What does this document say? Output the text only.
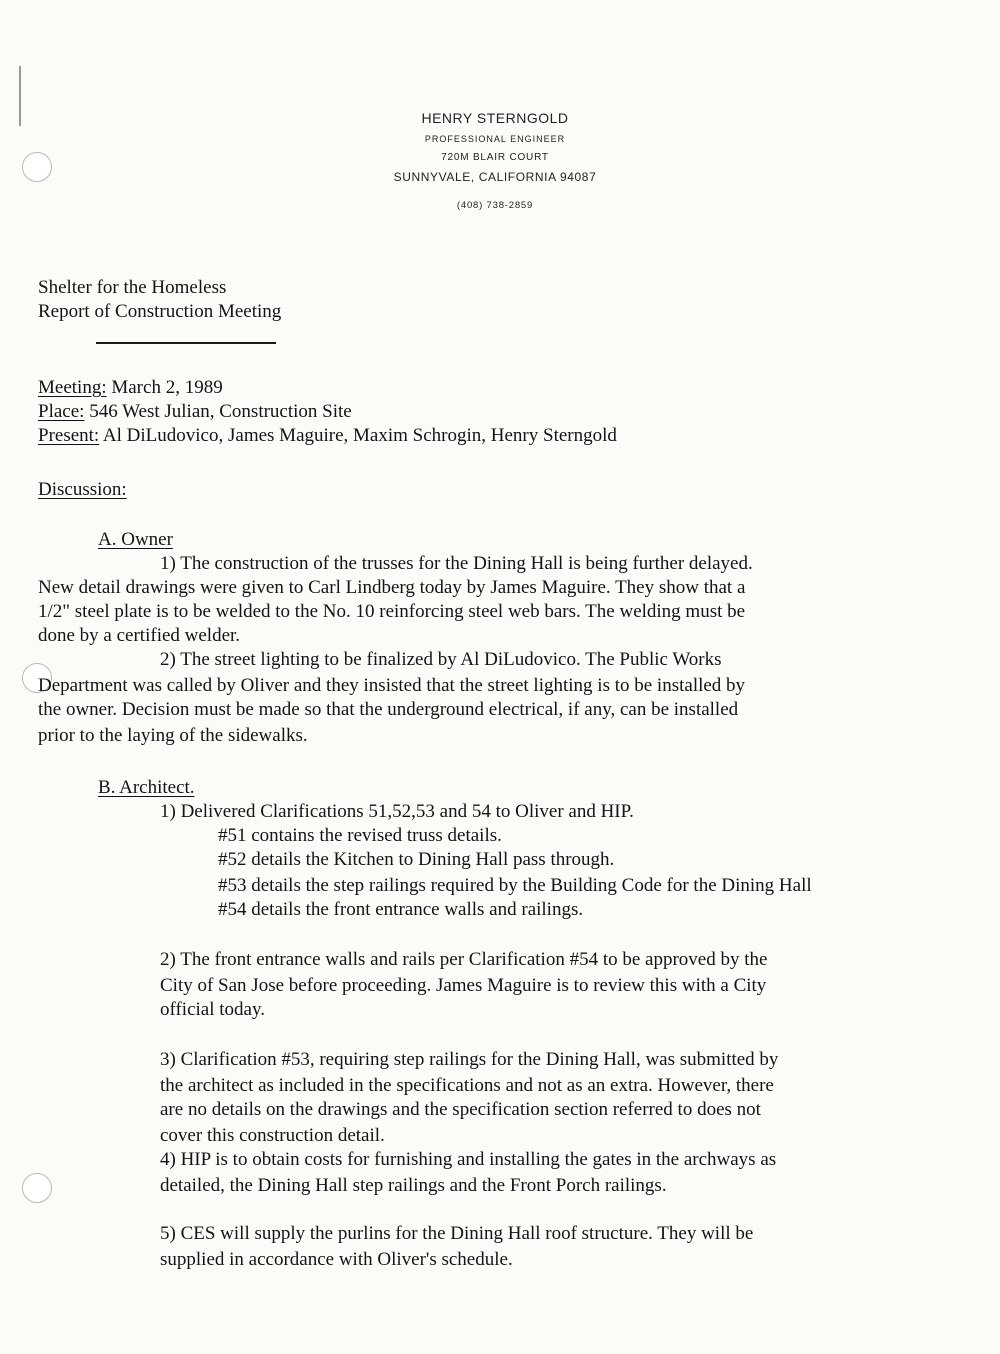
HENRY STERNGOLD
PROFESSIONAL ENGINEER
720M BLAIR COURT
SUNNYVALE, CALIFORNIA 94087
(408) 738-2859
Shelter for the Homeless
Report of Construction Meeting
Meeting: March 2, 1989
Place: 546 West Julian, Construction Site
Present: Al DiLudovico, James Maguire, Maxim Schrogin, Henry Sterngold
Discussion:
A. Owner
1) The construction of the trusses for the Dining Hall is being further delayed.
New detail drawings were given to Carl Lindberg today by James Maguire. They show that a
1/2" steel plate is to be welded to the No. 10 reinforcing steel web bars. The welding must be
done by a certified welder.
2) The street lighting to be finalized by Al DiLudovico. The Public Works
Department was called by Oliver and they insisted that the street lighting is to be installed by
the owner. Decision must be made so that the underground electrical, if any, can be installed
prior to the laying of the sidewalks.
B. Architect.
1) Delivered Clarifications 51,52,53 and 54 to Oliver and HIP.
#51 contains the revised truss details.
#52 details the Kitchen to Dining Hall pass through.
#53 details the step railings required by the Building Code for the Dining Hall
#54 details the front entrance walls and railings.
2) The front entrance walls and rails per Clarification #54 to be approved by the
City of San Jose before proceeding. James Maguire is to review this with a City
official today.
3) Clarification #53, requiring step railings for the Dining Hall, was submitted by
the architect as included in the specifications and not as an extra. However, there
are no details on the drawings and the specification section referred to does not
cover this construction detail.
4) HIP is to obtain costs for furnishing and installing the gates in the archways as
detailed, the Dining Hall step railings and the Front Porch railings.
5) CES will supply the purlins for the Dining Hall roof structure. They will be
supplied in accordance with Oliver's schedule.
